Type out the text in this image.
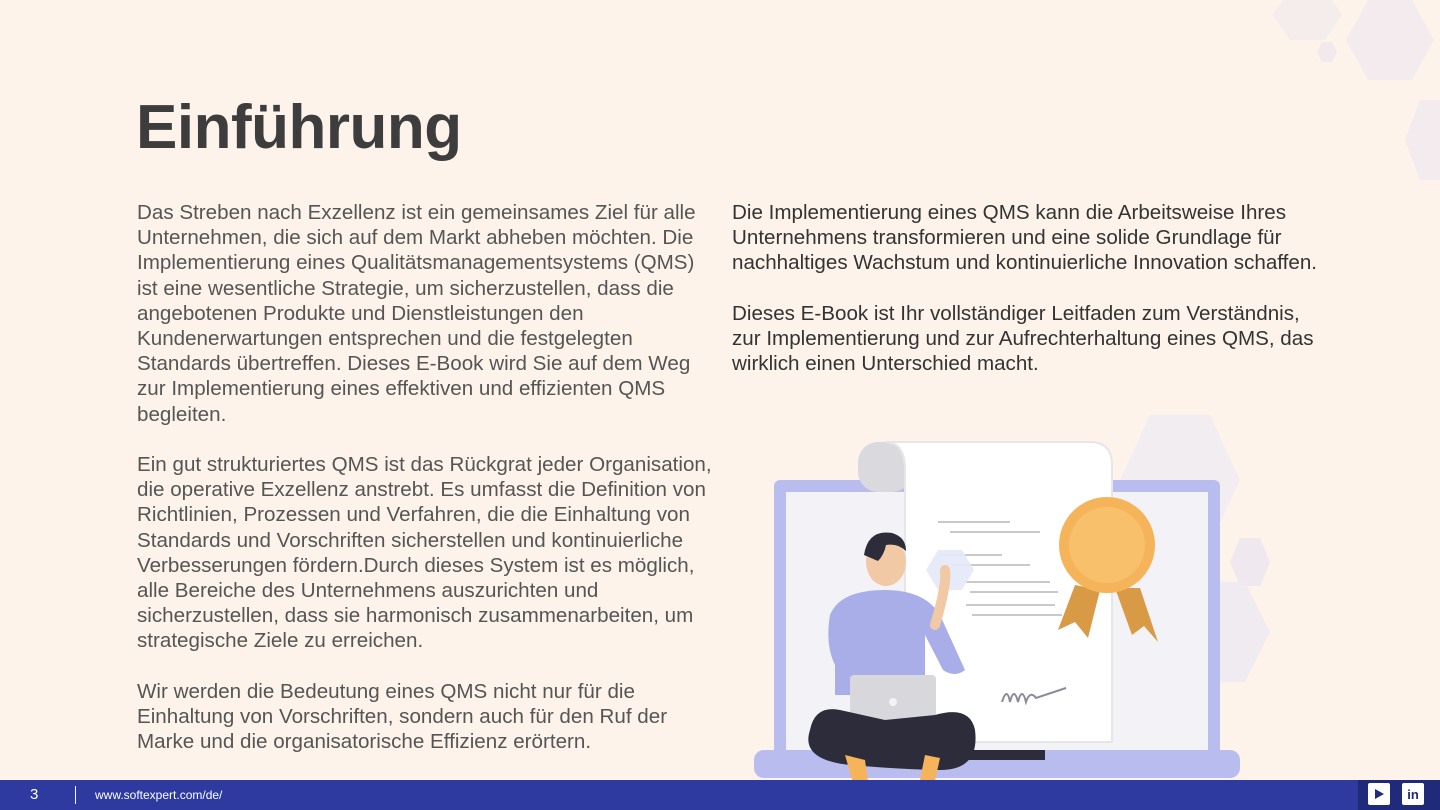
Einführung

Das Streben nach Exzellenz ist ein gemeinsames Ziel für alle Unternehmen, die sich auf dem Markt abheben möchten. Die Implementierung eines Qualitätsmanagementsystems (QMS) ist eine wesentliche Strategie, um sicherzustellen, dass die angebotenen Produkte und Dienstleistungen den Kundenerwartungen entsprechen und die festgelegten Standards übertreffen. Dieses E-Book wird Sie auf dem Weg zur Implementierung eines effektiven und effizienten QMS begleiten.

Ein gut strukturiertes QMS ist das Rückgrat jeder Organisation, die operative Exzellenz anstrebt. Es umfasst die Definition von Richtlinien, Prozessen und Verfahren, die die Einhaltung von Standards und Vorschriften sicherstellen und kontinuierliche Verbesserungen fördern.Durch dieses System ist es möglich, alle Bereiche des Unternehmens auszurichten und sicherzustellen, dass sie harmonisch zusammenarbeiten, um strategische Ziele zu erreichen.

Wir werden die Bedeutung eines QMS nicht nur für die Einhaltung von Vorschriften, sondern auch für den Ruf der Marke und die organisatorische Effizienz erörtern.

Die Implementierung eines QMS kann die Arbeitsweise Ihres Unternehmens transformieren und eine solide Grundlage für nachhaltiges Wachstum und kontinuierliche Innovation schaffen.

Dieses E-Book ist Ihr vollständiger Leitfaden zum Verständnis, zur Implementierung und zur Aufrechterhaltung eines QMS, das wirklich einen Unterschied macht.

3	www.softexpert.com/de/	in
